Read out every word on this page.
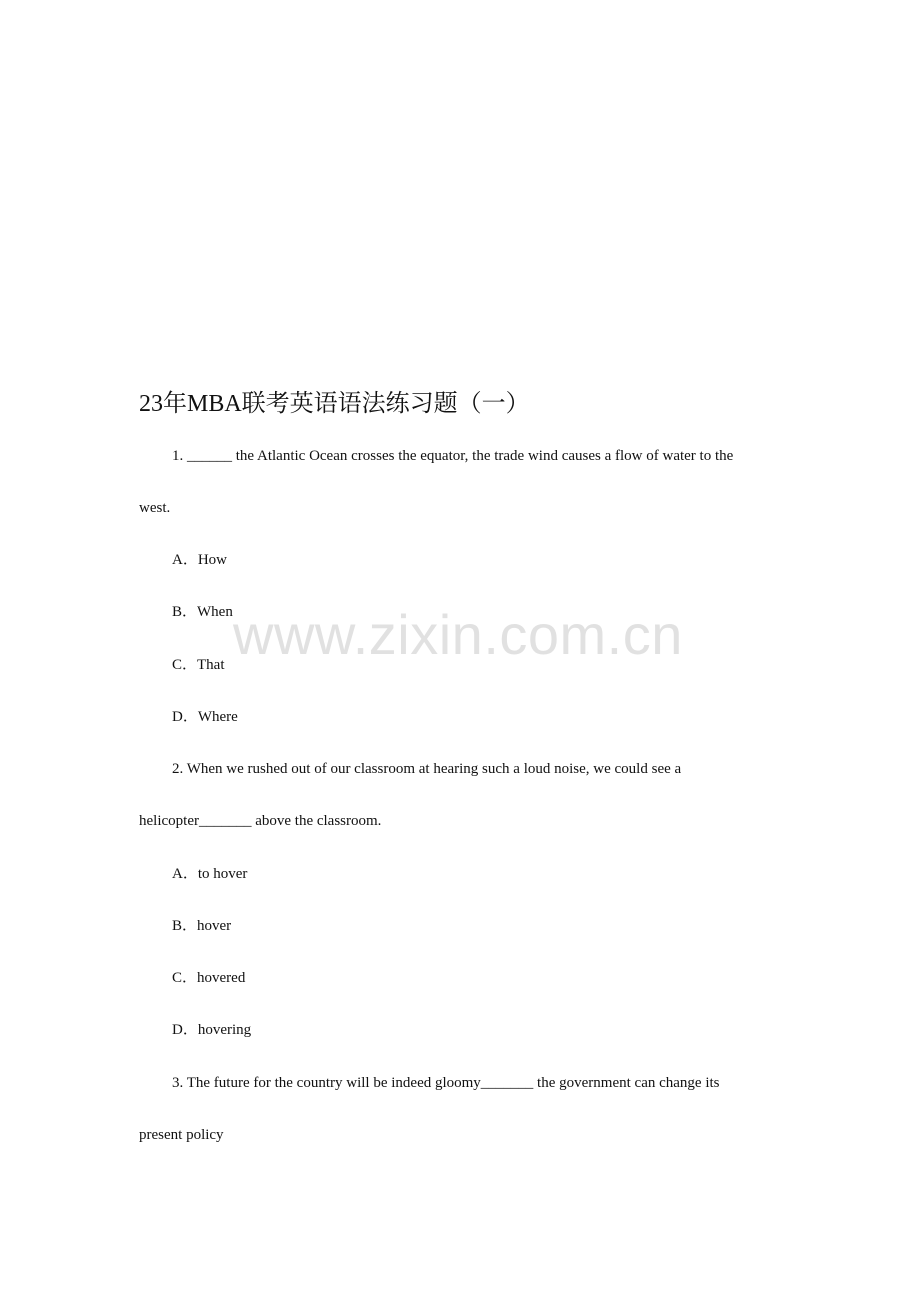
23年MBA联考英语语法练习题（一）

1. ______ the Atlantic Ocean crosses the equator, the trade wind causes a flow of water to the

west.

A．How

B．When

C．That

D．Where

2. When we rushed out of our classroom at hearing such a loud noise, we could see a

helicopter_______ above the classroom.

A．to hover

B．hover

C．hovered

D．hovering

3. The future for the country will be indeed gloomy_______ the government can change its

present policy

www.zixin.com.cn
